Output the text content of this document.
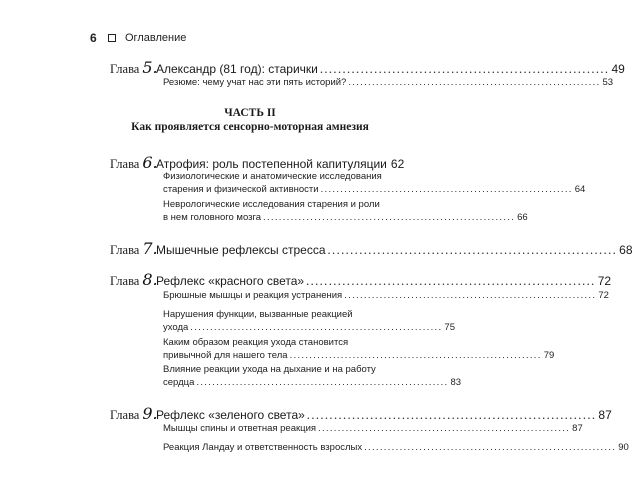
6	Оглавление
Глава 5.
Александр (81 год): старички ................................................................ 49
Резюме: чему учат нас эти пять историй? ................................................................ 53
ЧАСТЬ II
Как проявляется сенсорно-моторная амнезия
Глава 6.
Атрофия: роль постепенной капитуляции 62
Физиологические и анатомические исследования
старения и физической активности ................................................................ 64
Неврологические исследования старения и роли
в нем головного мозга ................................................................ 66
Глава 7.
Мышечные рефлексы стресса ................................................................ 68
Глава 8.
Рефлекс «красного света» ................................................................ 72
Брюшные мышцы и реакция устранения ................................................................ 72
Нарушения функции, вызванные реакцией
ухода ................................................................ 75
Каким образом реакция ухода становится
привычной для нашего тела ................................................................ 79
Влияние реакции ухода на дыхание и на работу
сердца ................................................................ 83
Глава 9.
Рефлекс «зеленого света» ................................................................ 87
Мышцы спины и ответная реакция ................................................................ 87
Реакция Ландау и ответственность взрослых ................................................................ 90
